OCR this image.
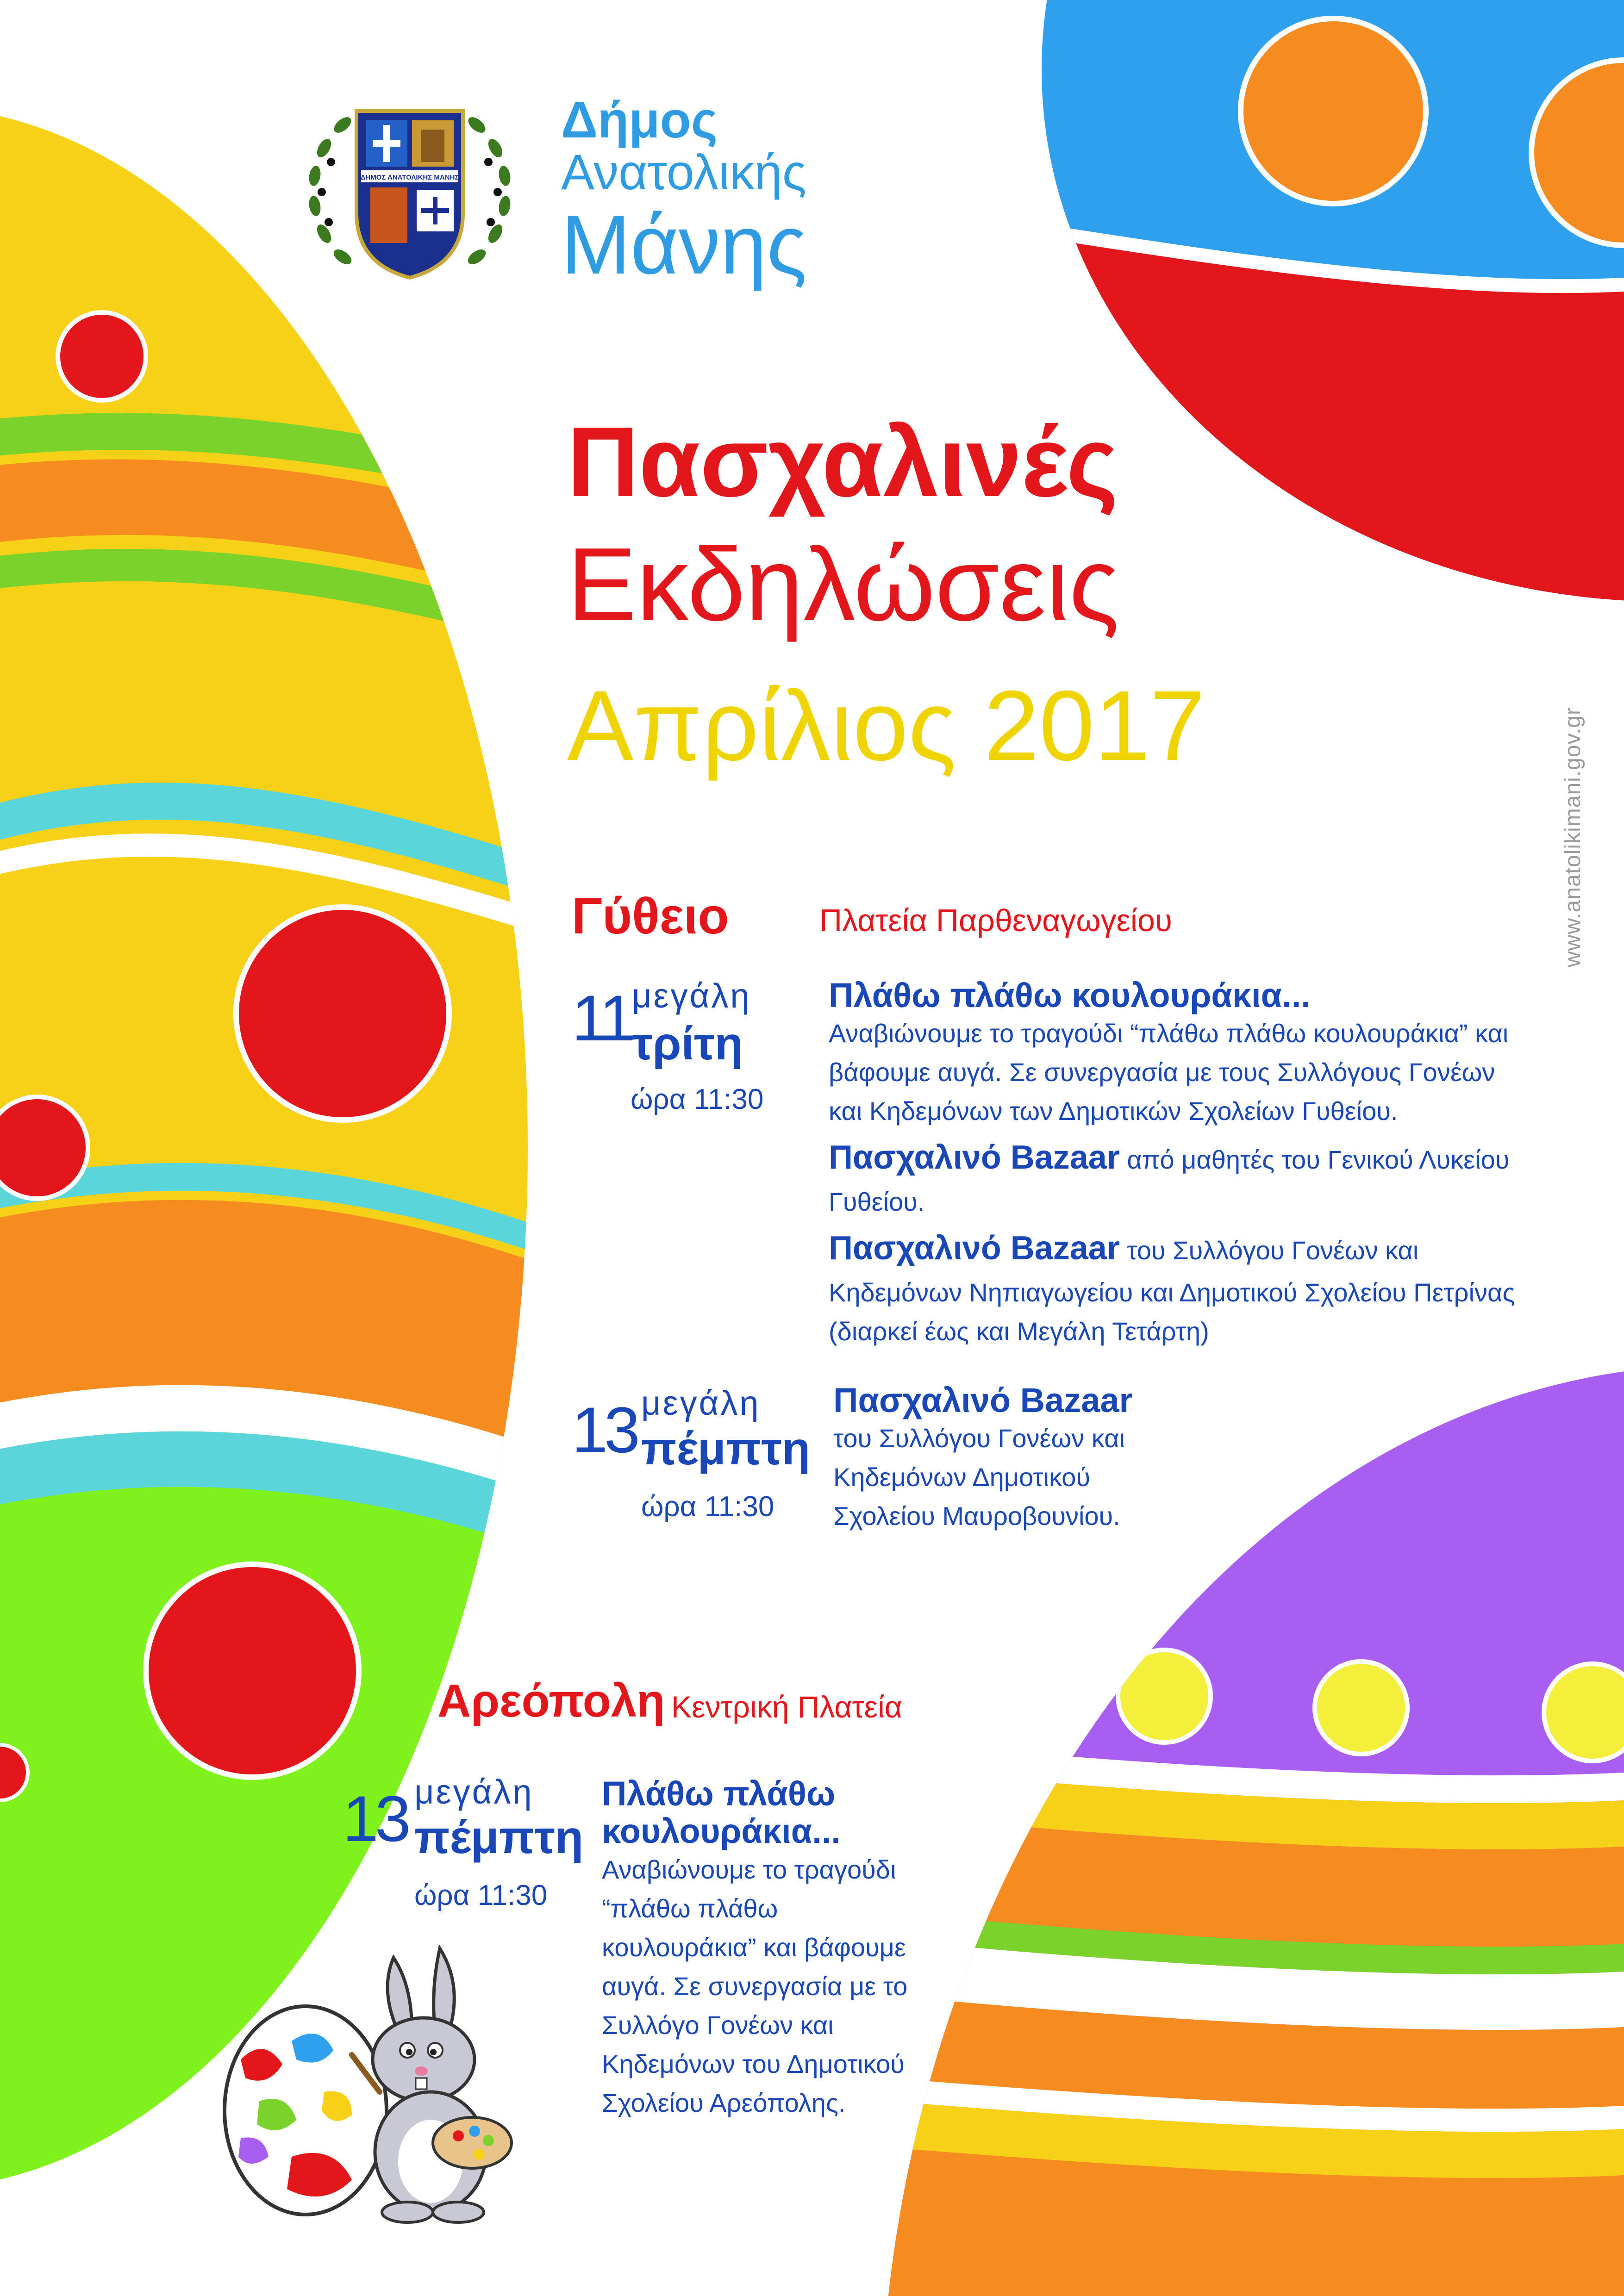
ΔΗΜΟΣ ΑΝΑΤΟΛΙΚΗΣ ΜΑΝΗΣ
Δήμος
Ανατολικής
Μάνης
Πασχαλινές
Εκδηλώσεις
Απρίλιος 2017	www.anatolikimani.gov.gr
Γύθειο	Πλατεία Παρθεναγωγείου
11 μεγάλη
τρίτη
ώρα 11:30
Πλάθω πλάθω κουλουράκια...
Αναβιώνουμε το τραγούδι “πλάθω πλάθω κουλουράκια” και βάφουμε αυγά. Σε συνεργασία με τους Συλλόγους Γονέων και Κηδεμόνων των Δημοτικών Σχολείων Γυθείου.
Πασχαλινό Bazaar από μαθητές του Γενικού Λυκείου Γυθείου.
Πασχαλινό Bazaar του Συλλόγου Γονέων και Κηδεμόνων Νηπιαγωγείου και Δημοτικού Σχολείου Πετρίνας (διαρκεί έως και Μεγάλη Τετάρτη)
13 μεγάλη
πέμπτη
ώρα 11:30
Πασχαλινό Bazaar
του Συλλόγου Γονέων και Κηδεμόνων Δημοτικού Σχολείου Μαυροβουνίου.
Αρεόπολη Κεντρική Πλατεία
13 μεγάλη
πέμπτη
ώρα 11:30
Πλάθω πλάθω κουλουράκια...
Αναβιώνουμε το τραγούδι “πλάθω πλάθω κουλουράκια” και βάφουμε αυγά. Σε συνεργασία με το Συλλόγο Γονέων και Κηδεμόνων του Δημοτικού Σχολείου Αρεόπολης.
